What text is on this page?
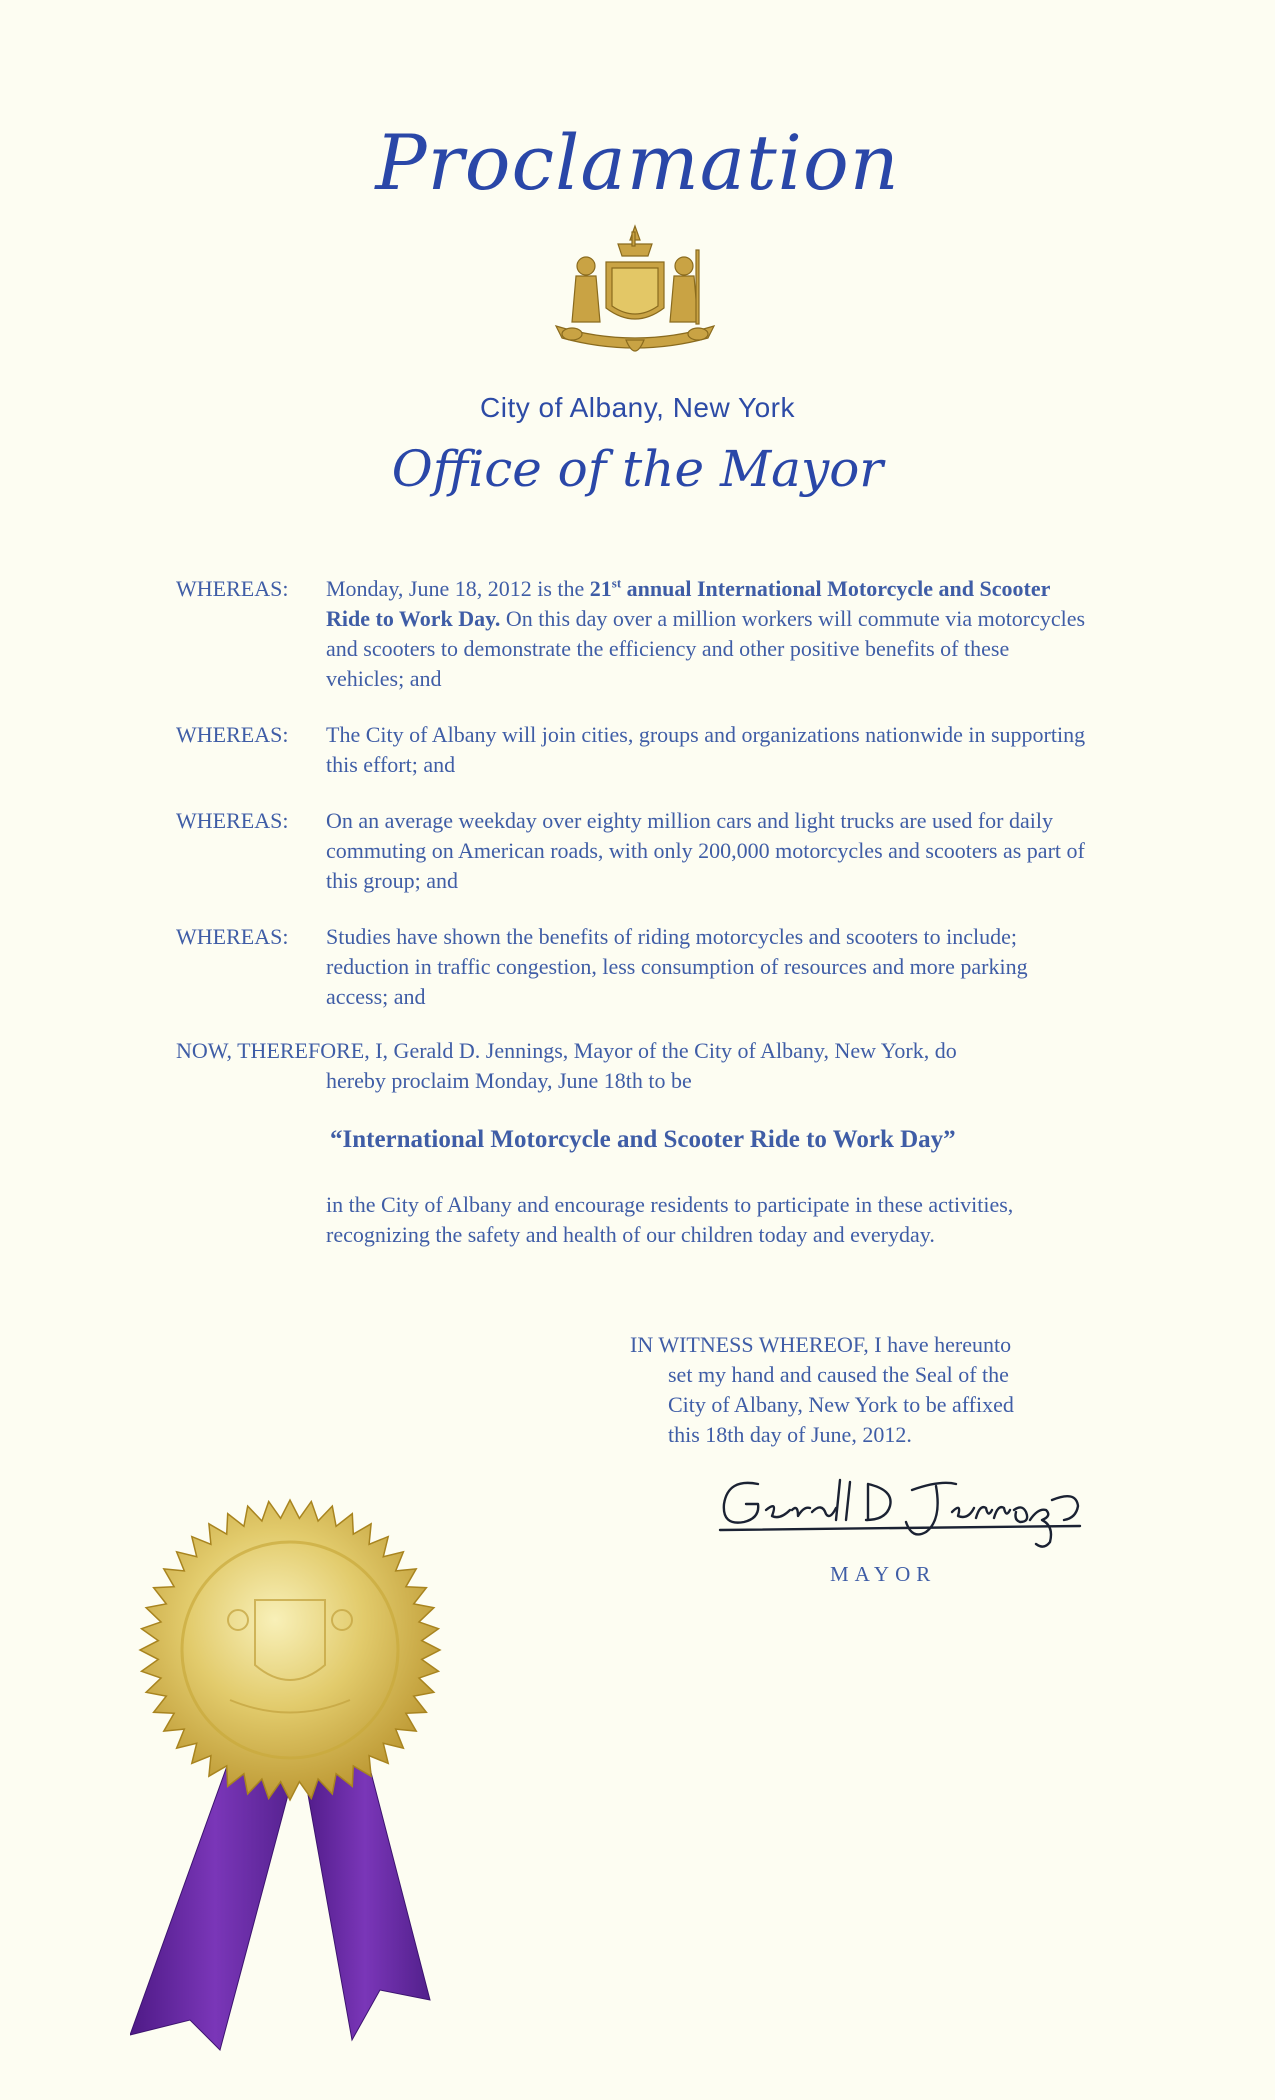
Proclamation
City of Albany, New York
Office of the Mayor
WHEREAS: Monday, June 18, 2012 is the 21st annual International Motorcycle and Scooter Ride to Work Day. On this day over a million workers will commute via motorcycles and scooters to demonstrate the efficiency and other positive benefits of these vehicles; and
WHEREAS: The City of Albany will join cities, groups and organizations nationwide in supporting this effort; and
WHEREAS: On an average weekday over eighty million cars and light trucks are used for daily commuting on American roads, with only 200,000 motorcycles and scooters as part of this group; and
WHEREAS: Studies have shown the benefits of riding motorcycles and scooters to include; reduction in traffic congestion, less consumption of resources and more parking access; and
NOW, THEREFORE, I, Gerald D. Jennings, Mayor of the City of Albany, New York, do
hereby proclaim Monday, June 18th to be
“International Motorcycle and Scooter Ride to Work Day”
in the City of Albany and encourage residents to participate in these activities, recognizing the safety and health of our children today and everyday.
IN WITNESS WHEREOF, I have hereunto
set my hand and caused the Seal of the
City of Albany, New York to be affixed
this 18th day of June, 2012.
MAYOR
